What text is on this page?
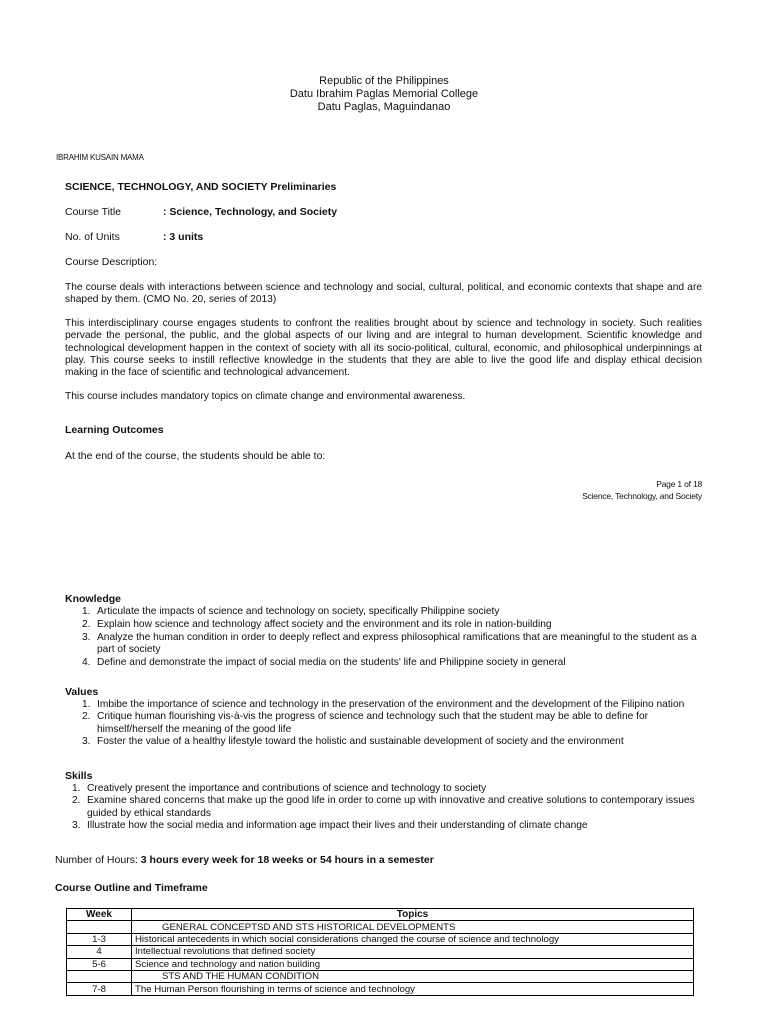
Republic of the Philippines
Datu Ibrahim Paglas Memorial College
Datu Paglas, Maguindanao
IBRAHIM KUSAIN MAMA
SCIENCE, TECHNOLOGY, AND SOCIETY Preliminaries
Course Title	: Science, Technology, and Society
No. of Units	: 3 units
Course Description:
The course deals with interactions between science and technology and social, cultural, political, and economic contexts that shape and are shaped by them. (CMO No. 20, series of 2013)
This interdisciplinary course engages students to confront the realities brought about by science and technology in society. Such realities pervade the personal, the public, and the global aspects of our living and are integral to human development. Scientific knowledge and technological development happen in the context of society with all its socio-political, cultural, economic, and philosophical underpinnings at play. This course seeks to instill reflective knowledge in the students that they are able to live the good life and display ethical decision making in the face of scientific and technological advancement.
This course includes mandatory topics on climate change and environmental awareness.
Learning Outcomes
At the end of the course, the students should be able to:
Page 1 of 18
Science, Technology, and Society
Knowledge
1. Articulate the impacts of science and technology on society, specifically Philippine society
2. Explain how science and technology affect society and the environment and its role in nation-building
3. Analyze the human condition in order to deeply reflect and express philosophical ramifications that are meaningful to the student as a part of society
4. Define and demonstrate the impact of social media on the students' life and Philippine society in general
Values
1. Imbibe the importance of science and technology in the preservation of the environment and the development of the Filipino nation
2. Critique human flourishing vis-à-vis the progress of science and technology such that the student may be able to define for himself/herself the meaning of the good life
3. Foster the value of a healthy lifestyle toward the holistic and sustainable development of society and the environment
Skills
1. Creatively present the importance and contributions of science and technology to society
2. Examine shared concerns that make up the good life in order to come up with innovative and creative solutions to contemporary issues guided by ethical standards
3. Illustrate how the social media and information age impact their lives and their understanding of climate change
Number of Hours: 3 hours every week for 18 weeks or 54 hours in a semester
Course Outline and Timeframe
Week	Topics
	GENERAL CONCEPTSD AND STS HISTORICAL DEVELOPMENTS
1-3	Historical antecedents in which social considerations changed the course of science and technology
4	Intellectual revolutions that defined society
5-6	Science and technology and nation building
	STS AND THE HUMAN CONDITION
7-8	The Human Person flourishing in terms of science and technology
